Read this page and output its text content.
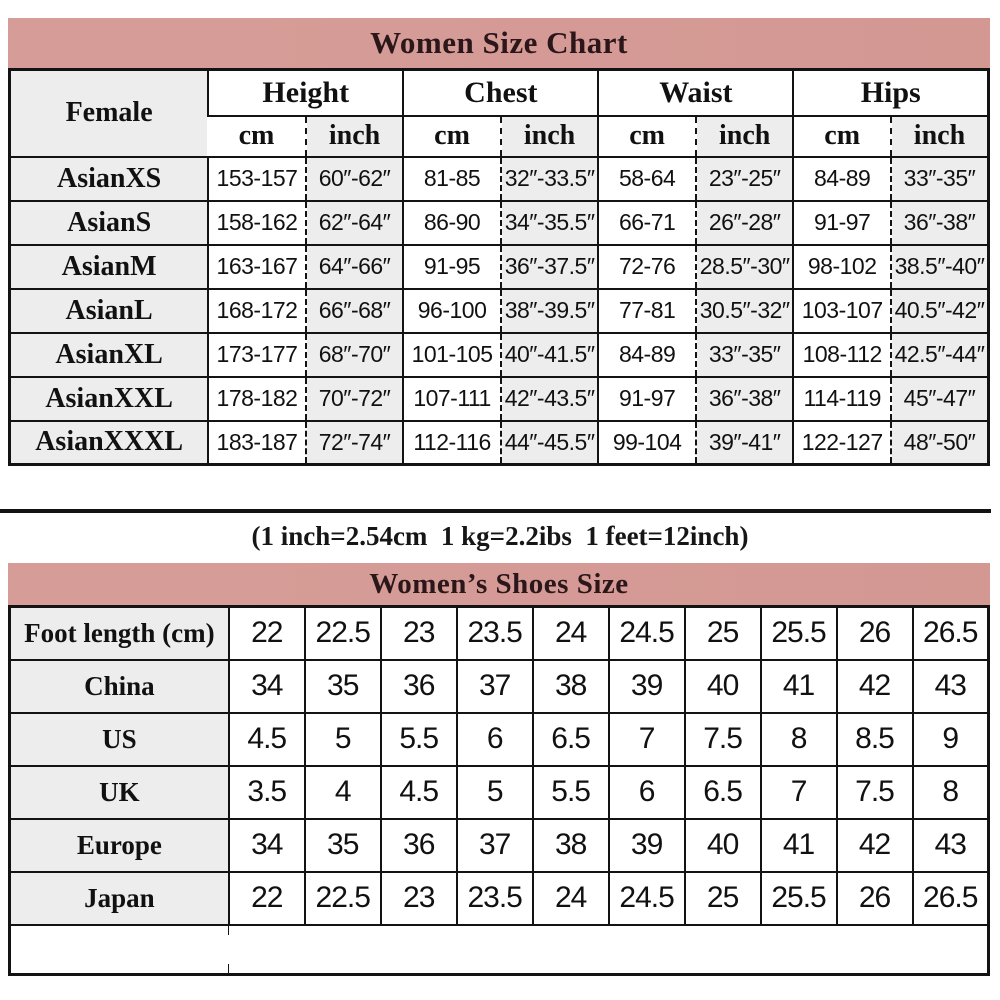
Women Size Chart
Female	Height		Chest		Waist		Hips	
	cm	inch	cm	inch	cm	inch	cm	inch
AsianXS	153-157	60″-62″	81-85	32″-33.5″	58-64	23″-25″	84-89	33″-35″
AsianS	158-162	62″-64″	86-90	34″-35.5″	66-71	26″-28″	91-97	36″-38″
AsianM	163-167	64″-66″	91-95	36″-37.5″	72-76	28.5″-30″	98-102	38.5″-40″
AsianL	168-172	66″-68″	96-100	38″-39.5″	77-81	30.5″-32″	103-107	40.5″-42″
AsianXL	173-177	68″-70″	101-105	40″-41.5″	84-89	33″-35″	108-112	42.5″-44″
AsianXXL	178-182	70″-72″	107-111	42″-43.5″	91-97	36″-38″	114-119	45″-47″
AsianXXXL	183-187	72″-74″	112-116	44″-45.5″	99-104	39″-41″	122-127	48″-50″
(1 inch=2.54cm  1 kg=2.2ibs  1 feet=12inch)
Women’s Shoes Size
Foot length (cm)	22	22.5	23	23.5	24	24.5	25	25.5	26	26.5
China	34	35	36	37	38	39	40	41	42	43
US	4.5	5	5.5	6	6.5	7	7.5	8	8.5	9
UK	3.5	4	4.5	5	5.5	6	6.5	7	7.5	8
Europe	34	35	36	37	38	39	40	41	42	43
Japan	22	22.5	23	23.5	24	24.5	25	25.5	26	26.5
